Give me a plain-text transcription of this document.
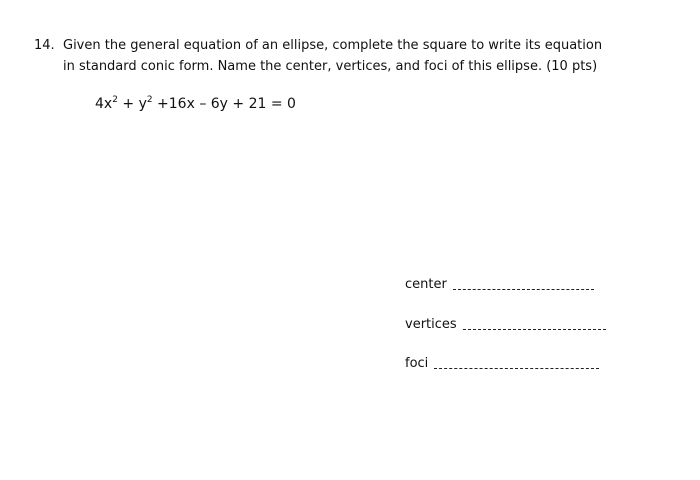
14. Given the general equation of an ellipse, complete the square to write its equation
in standard conic form. Name the center, vertices, and foci of this ellipse. (10 pts)
$4x^2 + y^2 +16x - 6y + 21 = 0$
center
vertices
foci
